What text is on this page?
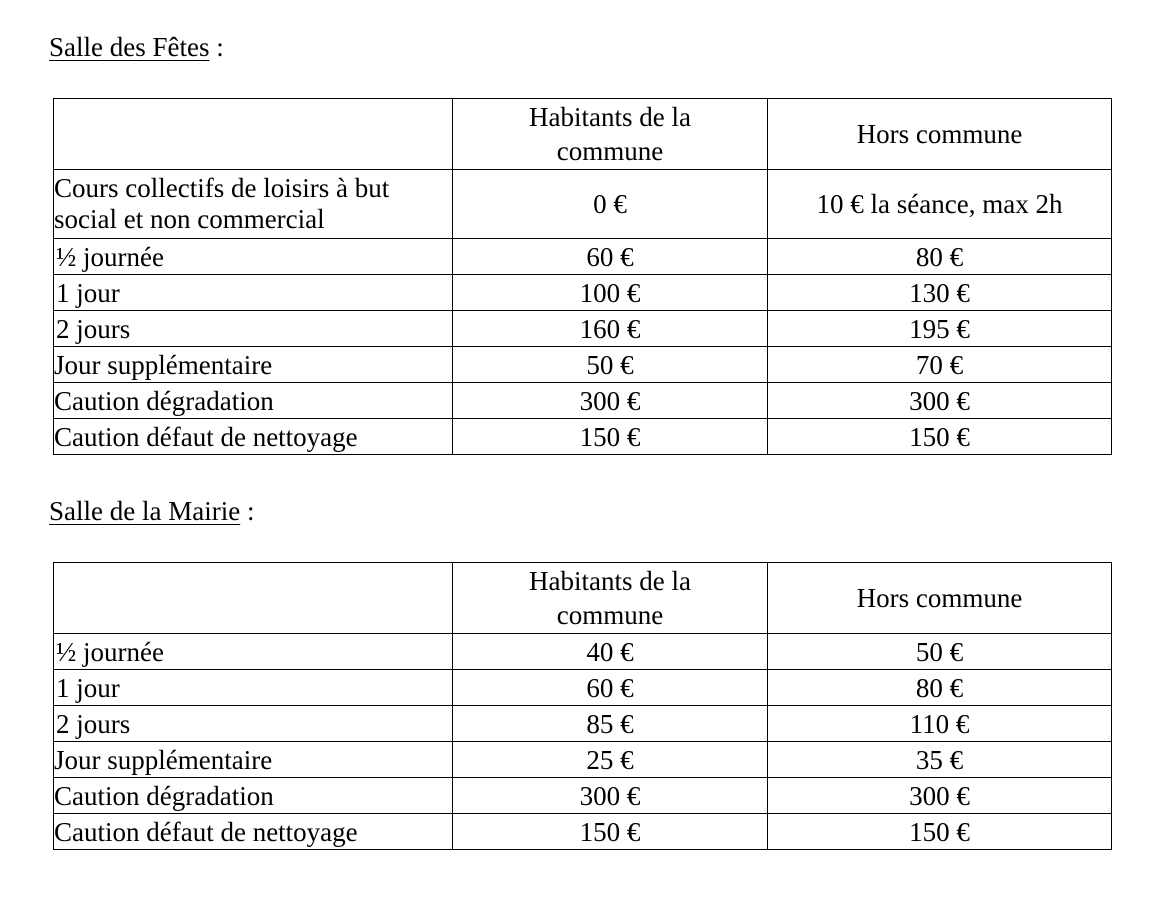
Salle des Fêtes :

	Habitants de la commune	Hors commune
Cours collectifs de loisirs à but social et non commercial	0 €	10 € la séance, max 2h
½ journée	60 €	80 €
1 jour	100 €	130 €
2 jours	160 €	195 €
Jour supplémentaire	50 €	70 €
Caution dégradation	300 €	300 €
Caution défaut de nettoyage	150 €	150 €
Salle de la Mairie :

	Habitants de la commune	Hors commune
½ journée	40 €	50 €
1 jour	60 €	80 €
2 jours	85 €	110 €
Jour supplémentaire	25 €	35 €
Caution dégradation	300 €	300 €
Caution défaut de nettoyage	150 €	150 €
